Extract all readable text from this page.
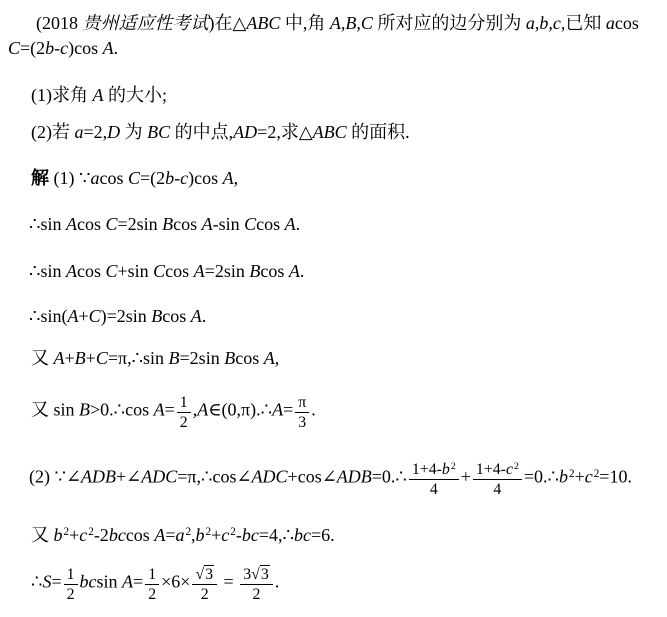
(2018 贵州适应性考试)在△ABC 中,角 A,B,C 所对应的边分别为 a,b,c,已知 acos
C=(2b-c)cos A.
(1)求角 A 的大小;
(2)若 a=2,D 为 BC 的中点,AD=2,求△ABC 的面积.
解 (1) ∵acos C=(2b-c)cos A,
∴sin Acos C=2sin Bcos A-sin Ccos A.
∴sin Acos C+sin Ccos A=2sin Bcos A.
∴sin(A+C)=2sin Bcos A.
又 A+B+C=π,∴sin B=2sin Bcos A,
又 sin B>0.∴cos $A= \frac{1}{2}$ ,A∈(0,π).∴A= $\frac{\pi}{3}$ .
(2) ∵∠ADB+∠ADC=π,∴cos∠ADC+cos∠ADB=0.∴ $\frac{1+4-b^2}{4} + \frac{1+4-c^2}{4}$ $=0.\therefore b^2+c^2=10$.
又 $b^2+c^2-2bccos$ $A=a^2,b^2+c^2-bc=4,\therefore bc=6$.
∴S= $\frac{1}{2}$ bcsin $A= \frac{1}{2} \times 6\times \frac{√3}{2} = \frac{3√3}{2}$ .
